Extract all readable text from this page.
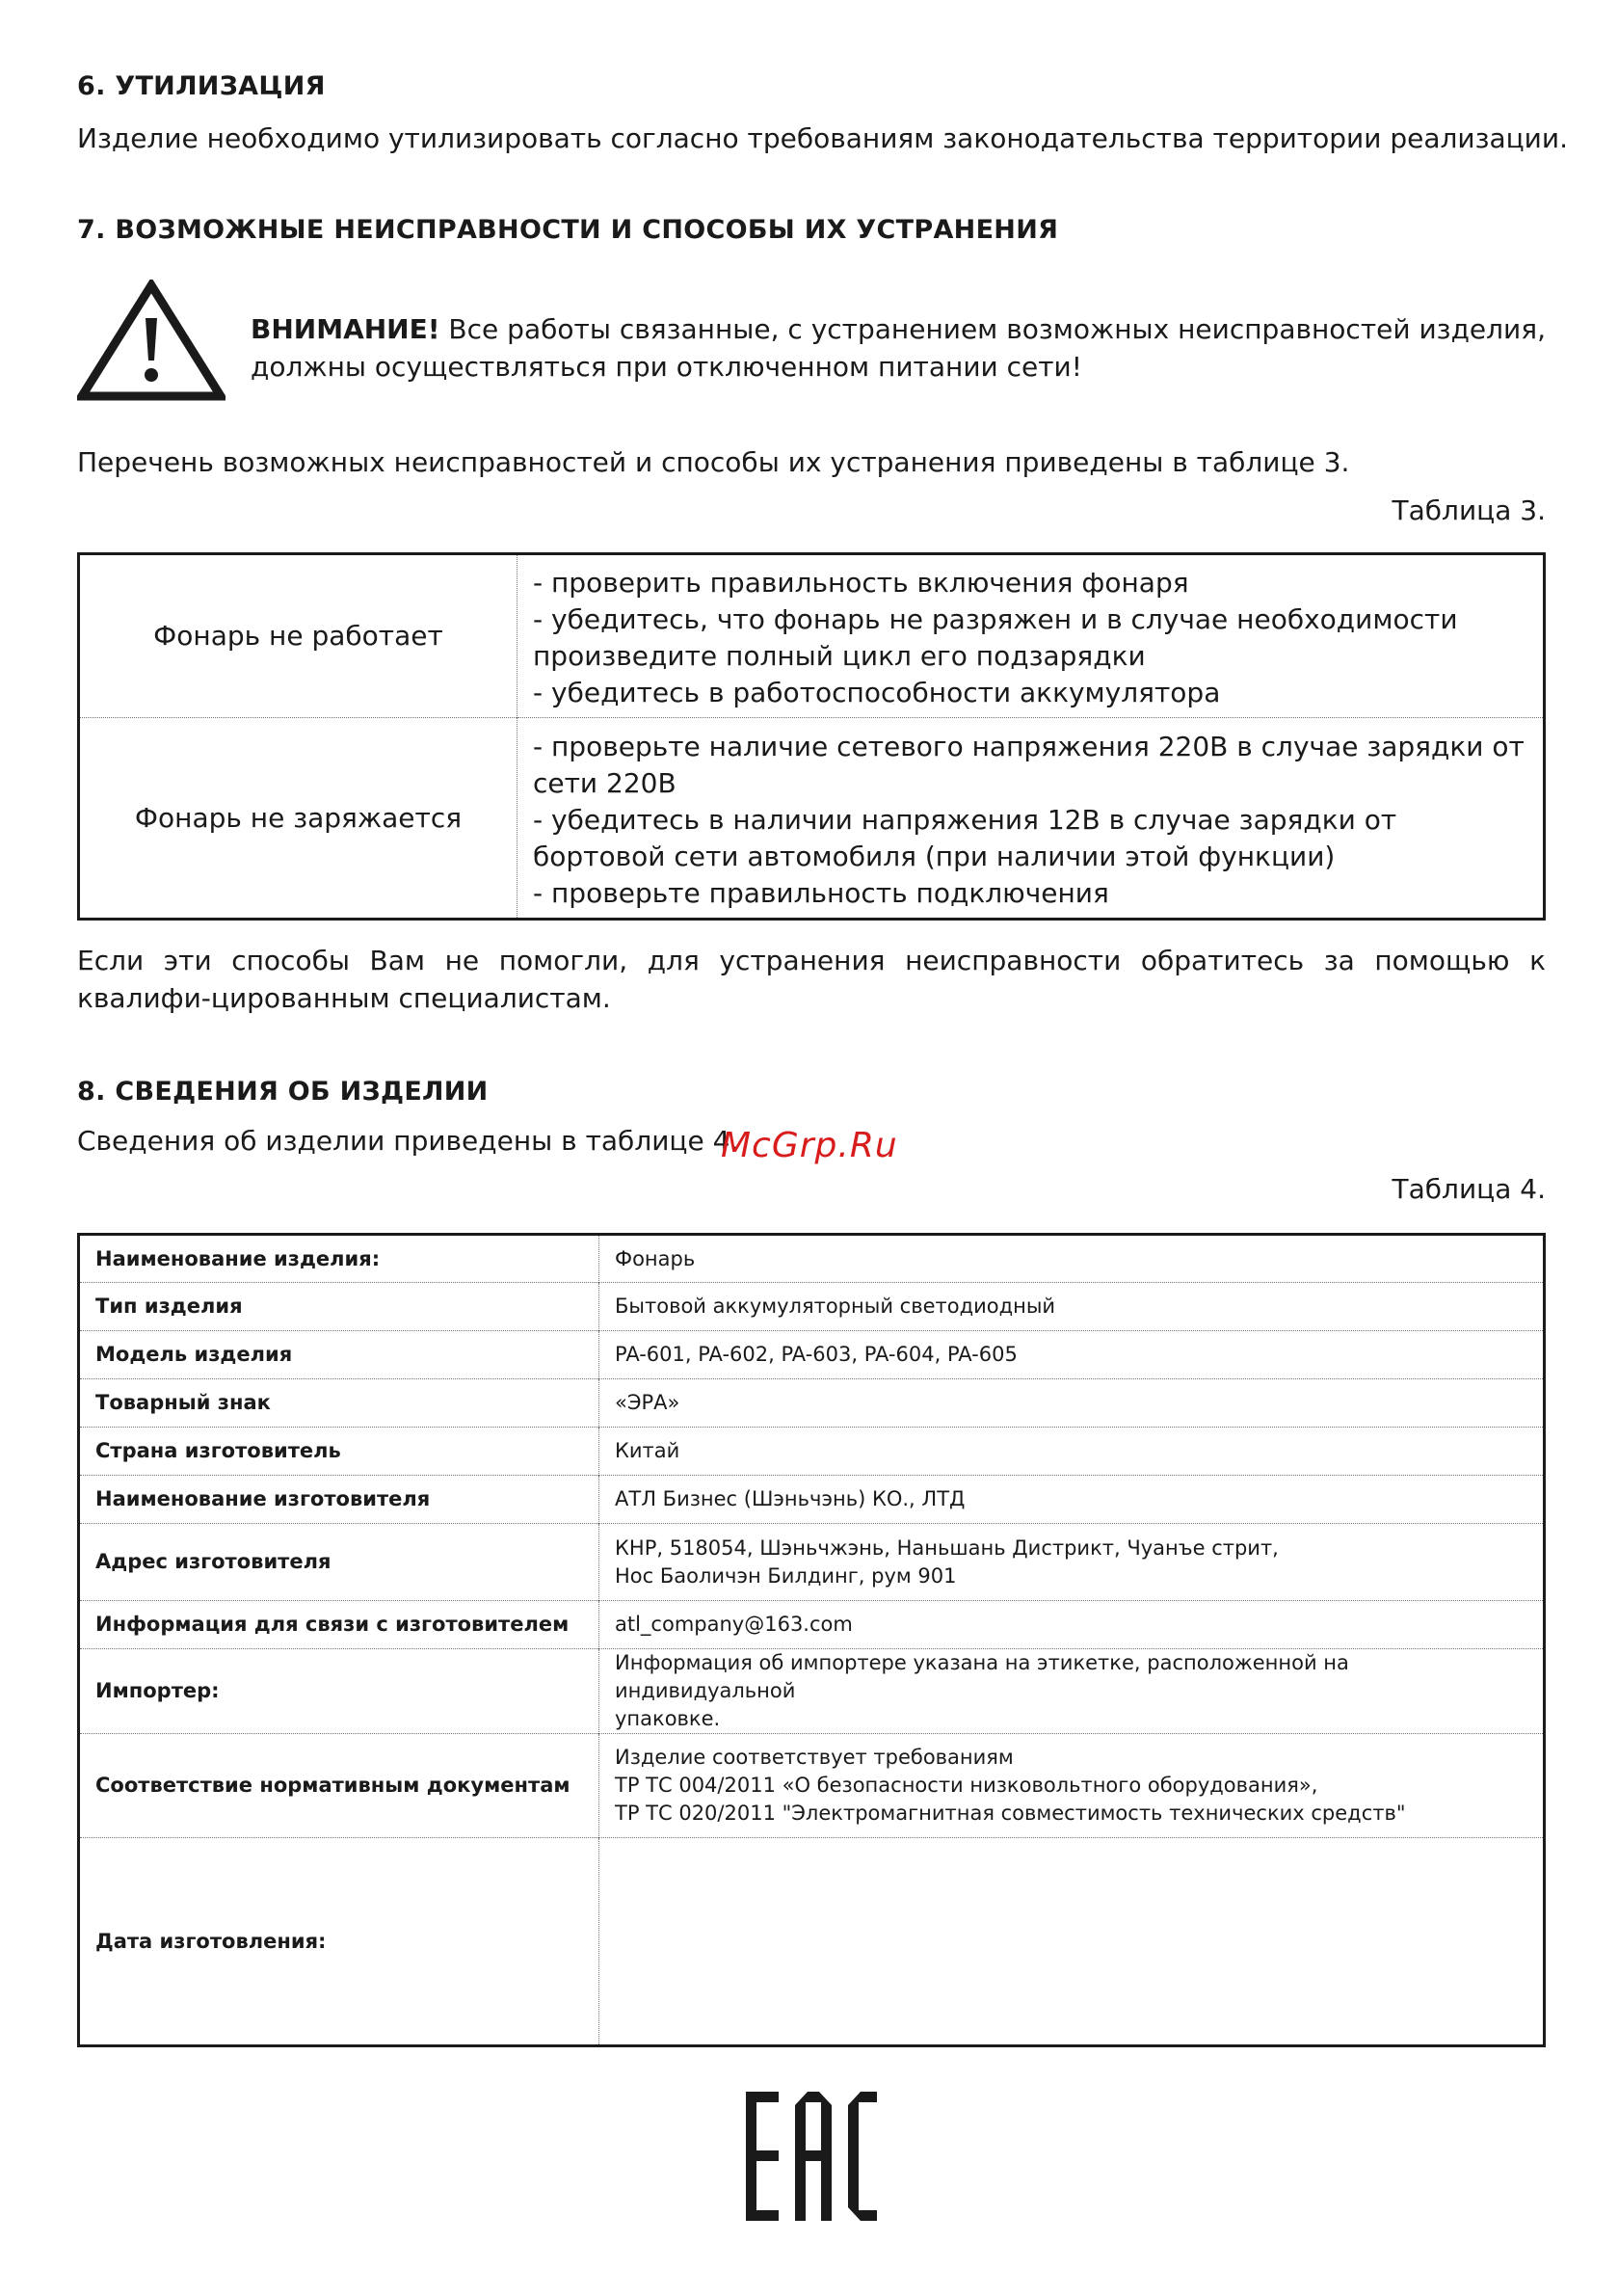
6. УТИЛИЗАЦИЯ
Изделие необходимо утилизировать согласно требованиям законодательства территории реализации.
7. ВОЗМОЖНЫЕ НЕИСПРАВНОСТИ И СПОСОБЫ ИХ УСТРАНЕНИЯ
ВНИМАНИЕ! Все работы связанные, с устранением возможных неисправностей изделия, должны осуществляться при отключенном питании сети!
Перечень возможных неисправностей и способы их устранения приведены в таблице 3.
Таблица 3.
Фонарь не работает	- проверить правильность включения фонаря
- убедитесь, что фонарь не разряжен и в случае необходимости произведите полный цикл его подзарядки
- убедитесь в работоспособности аккумулятора

Фонарь не заряжается	- проверьте наличие сетевого напряжения 220В в случае зарядки от сети 220В
- убедитесь в наличии напряжения 12В в случае зарядки от бортовой сети автомобиля (при наличии этой функции)
- проверьте правильность подключения
Если эти способы Вам не помогли, для устранения неисправности обратитесь за помощью к квалифи-цированным специалистам.
8. СВЕДЕНИЯ ОБ ИЗДЕЛИИ
Сведения об изделии приведены в таблице 4.
Таблица 4.
Наименование изделия:	Фонарь

Тип изделия	Бытовой аккумуляторный светодиодный

Модель изделия	PA-601, PA-602, PA-603, PA-604, PA-605

Товарный знак	«ЭРА»

Страна изготовитель	Китай

Наименование изготовителя	АТЛ Бизнес (Шэньчэнь) КО., ЛТД

Адрес изготовителя	КНР, 518054, Шэньчжэнь, Наньшань Дистрикт, Чуанъе стрит,
Нос Баоличэн Билдинг, рум 901

Информация для связи с изготовителем	atl_company@163.com

Импортер:	Информация об импортере указана на этикетке, расположенной на индивидуальной
упаковке.

Соответствие нормативным документам	Изделие соответствует требованиям
ТР ТС 004/2011 «О безопасности низковольтного оборудования»,
ТР ТС 020/2011 "Электромагнитная совместимость технических средств"

Дата изготовления:	
McGrp.Ru
